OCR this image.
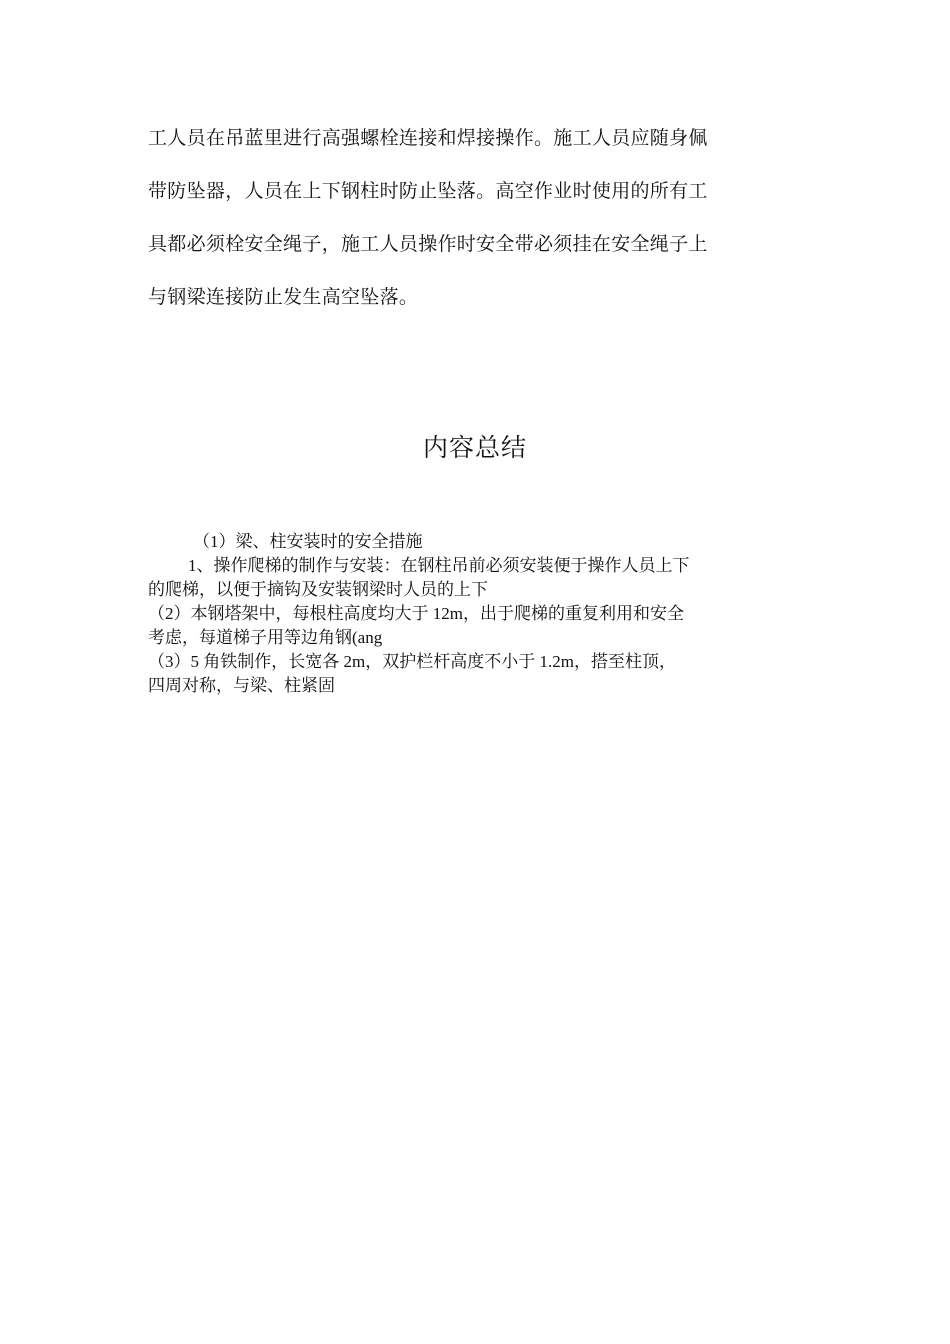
工人员在吊蓝里进行高强螺栓连接和焊接操作。施工人员应随身佩
带防坠器，人员在上下钢柱时防止坠落。高空作业时使用的所有工
具都必须栓安全绳子，施工人员操作时安全带必须挂在安全绳子上
与钢梁连接防止发生高空坠落。
内容总结
（1）梁、柱安装时的安全措施
1、操作爬梯的制作与安装：在钢柱吊前必须安装便于操作人员上下
的爬梯，以便于摘钩及安装钢梁时人员的上下
（2）本钢塔架中，每根柱高度均大于 12m，出于爬梯的重复利用和安全
考虑，每道梯子用等边角钢(ang
（3）5 角铁制作，长宽各 2m，双护栏杆高度不小于 1.2m，搭至柱顶，
四周对称，与梁、柱紧固
